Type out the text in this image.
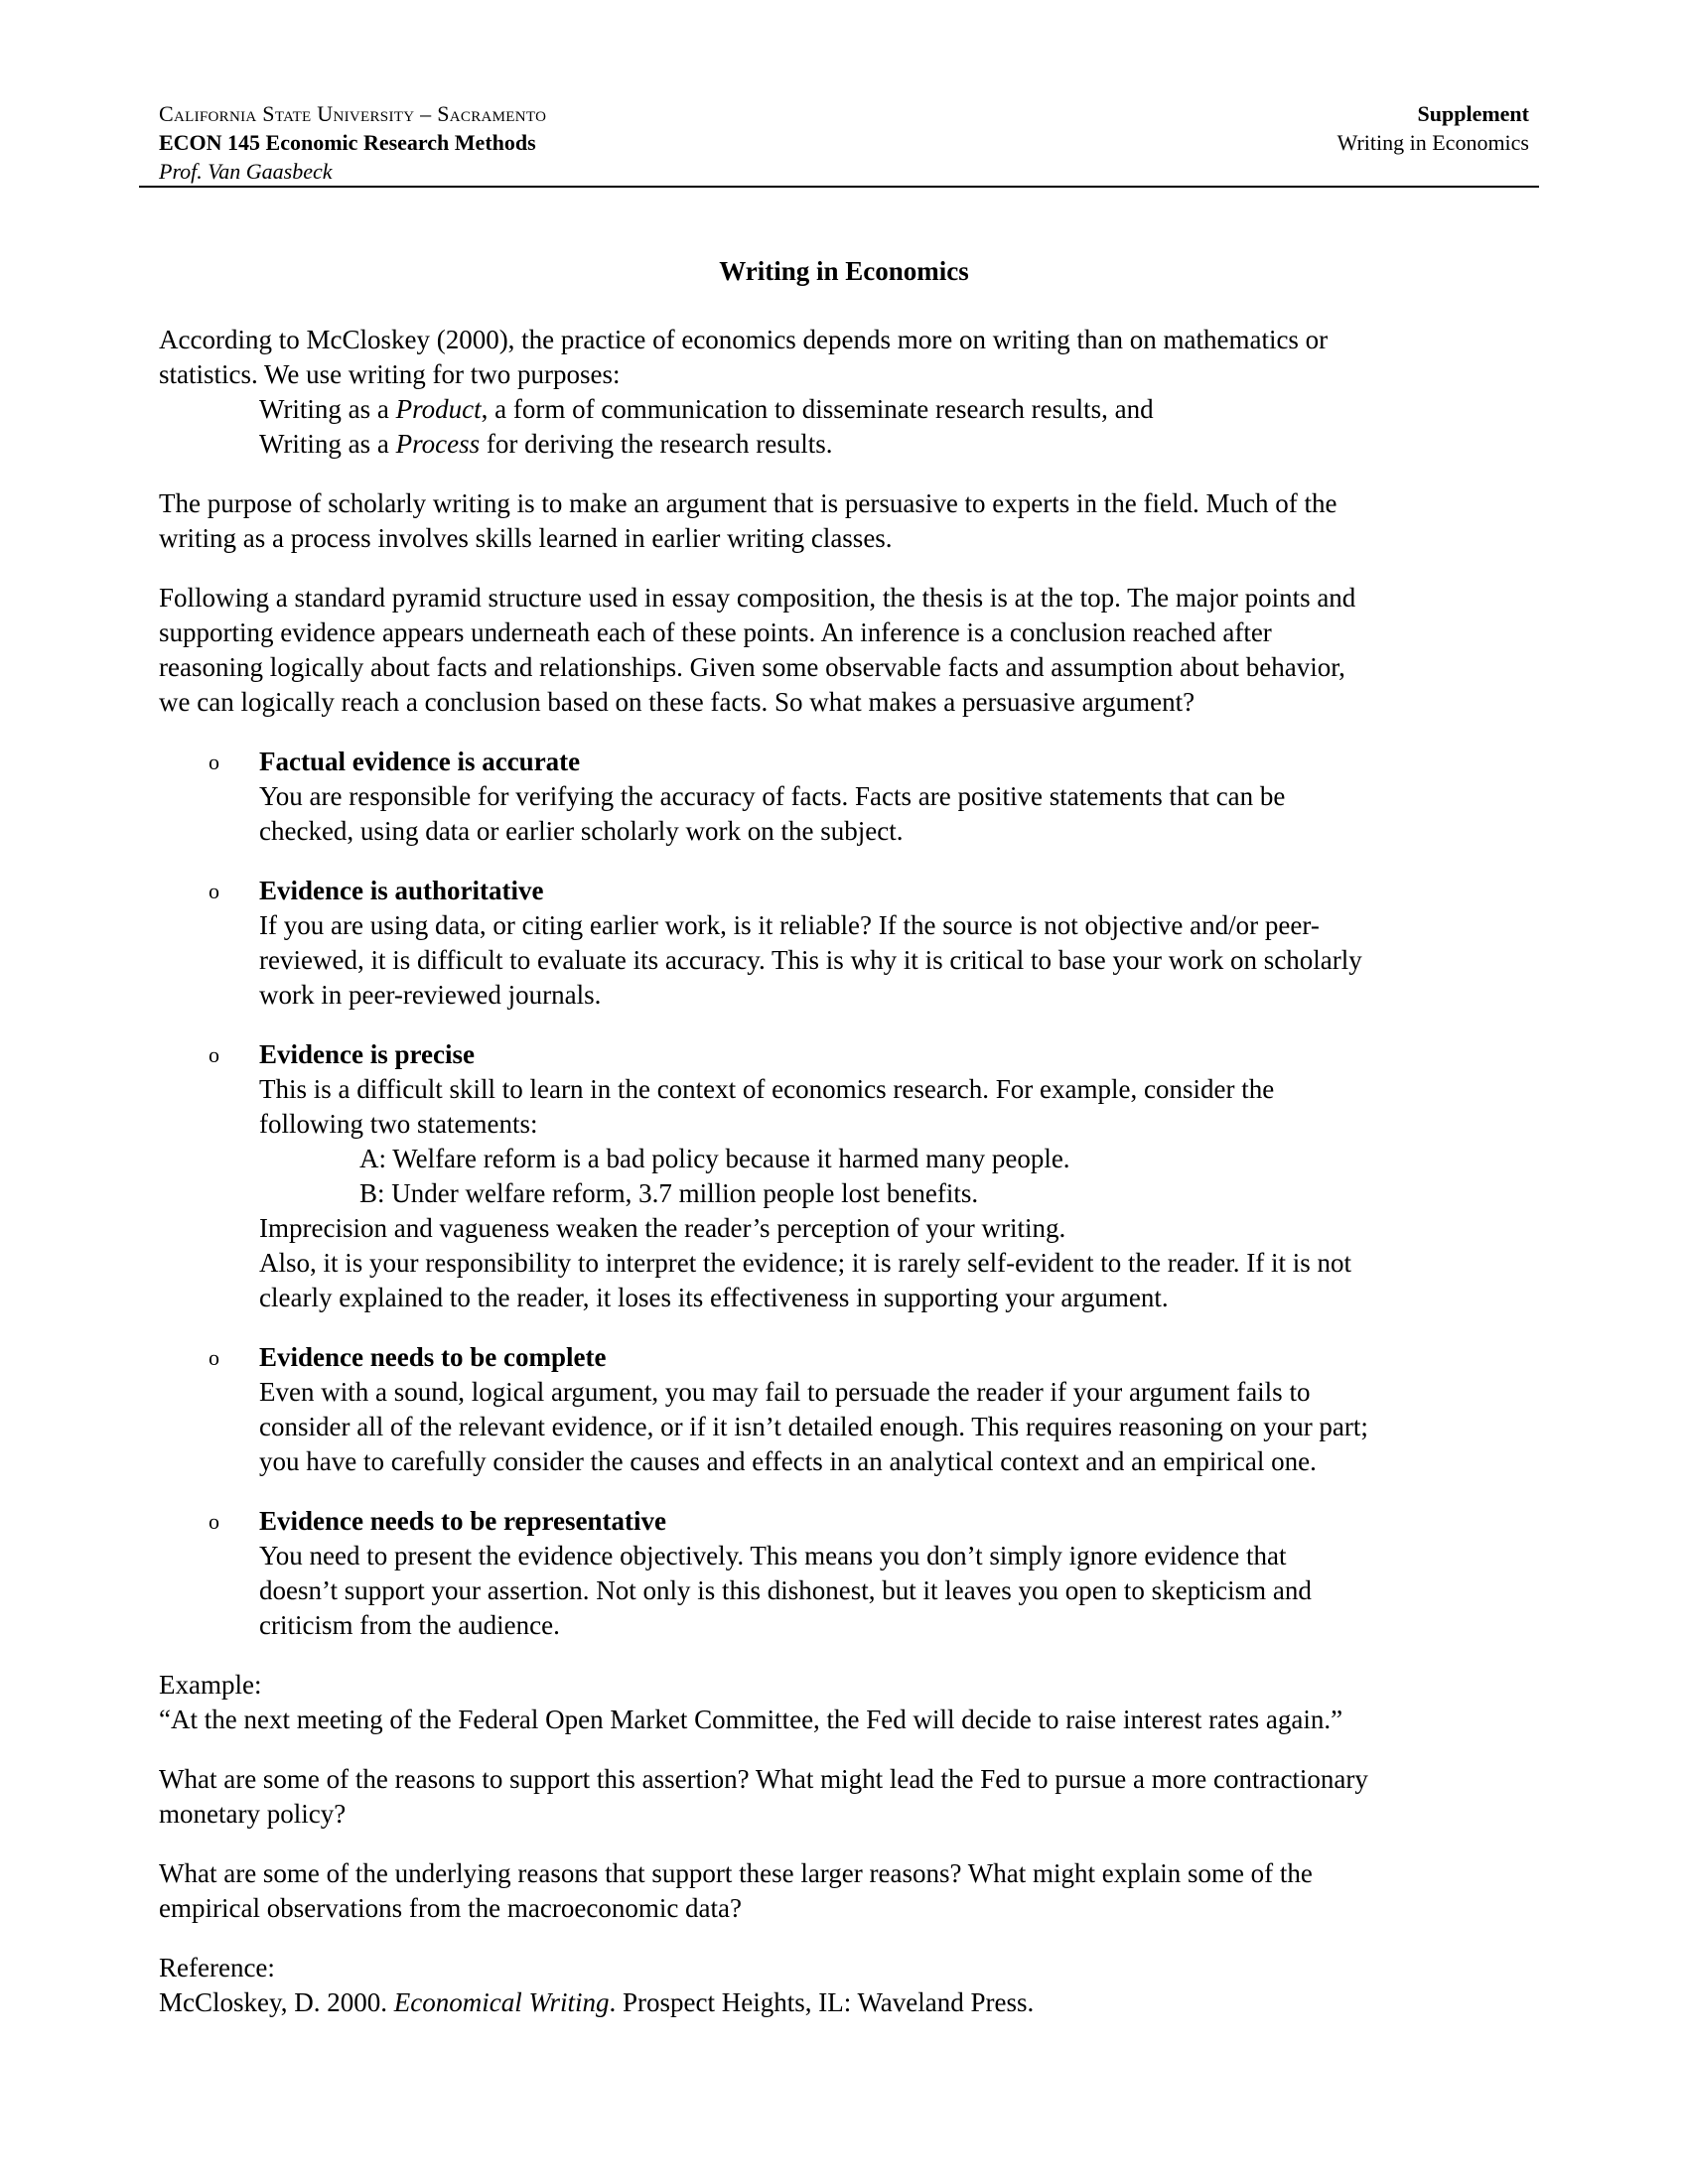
California State University – Sacramento
ECON 145 Economic Research Methods
Prof. Van Gaasbeck
Supplement
Writing in Economics
Writing in Economics

According to McCloskey (2000), the practice of economics depends more on writing than on mathematics or

statistics. We use writing for two purposes:

Writing as a Product, a form of communication to disseminate research results, and

Writing as a Process for deriving the research results.

The purpose of scholarly writing is to make an argument that is persuasive to experts in the field. Much of the

writing as a process involves skills learned in earlier writing classes.

Following a standard pyramid structure used in essay composition, the thesis is at the top. The major points and

supporting evidence appears underneath each of these points. An inference is a conclusion reached after

reasoning logically about facts and relationships. Given some observable facts and assumption about behavior,

we can logically reach a conclusion based on these facts. So what makes a persuasive argument?

o Factual evidence is accurate

You are responsible for verifying the accuracy of facts. Facts are positive statements that can be

checked, using data or earlier scholarly work on the subject.

o Evidence is authoritative

If you are using data, or citing earlier work, is it reliable? If the source is not objective and/or peer-

reviewed, it is difficult to evaluate its accuracy. This is why it is critical to base your work on scholarly

work in peer-reviewed journals.

o Evidence is precise

This is a difficult skill to learn in the context of economics research. For example, consider the

following two statements:

A: Welfare reform is a bad policy because it harmed many people.

B: Under welfare reform, 3.7 million people lost benefits.

Imprecision and vagueness weaken the reader’s perception of your writing.

Also, it is your responsibility to interpret the evidence; it is rarely self-evident to the reader. If it is not

clearly explained to the reader, it loses its effectiveness in supporting your argument.

o Evidence needs to be complete

Even with a sound, logical argument, you may fail to persuade the reader if your argument fails to

consider all of the relevant evidence, or if it isn’t detailed enough. This requires reasoning on your part;

you have to carefully consider the causes and effects in an analytical context and an empirical one.

o Evidence needs to be representative

You need to present the evidence objectively. This means you don’t simply ignore evidence that

doesn’t support your assertion. Not only is this dishonest, but it leaves you open to skepticism and

criticism from the audience.

Example:

“At the next meeting of the Federal Open Market Committee, the Fed will decide to raise interest rates again.”

What are some of the reasons to support this assertion? What might lead the Fed to pursue a more contractionary

monetary policy?

What are some of the underlying reasons that support these larger reasons? What might explain some of the

empirical observations from the macroeconomic data?

Reference:

McCloskey, D. 2000. Economical Writing. Prospect Heights, IL: Waveland Press.
